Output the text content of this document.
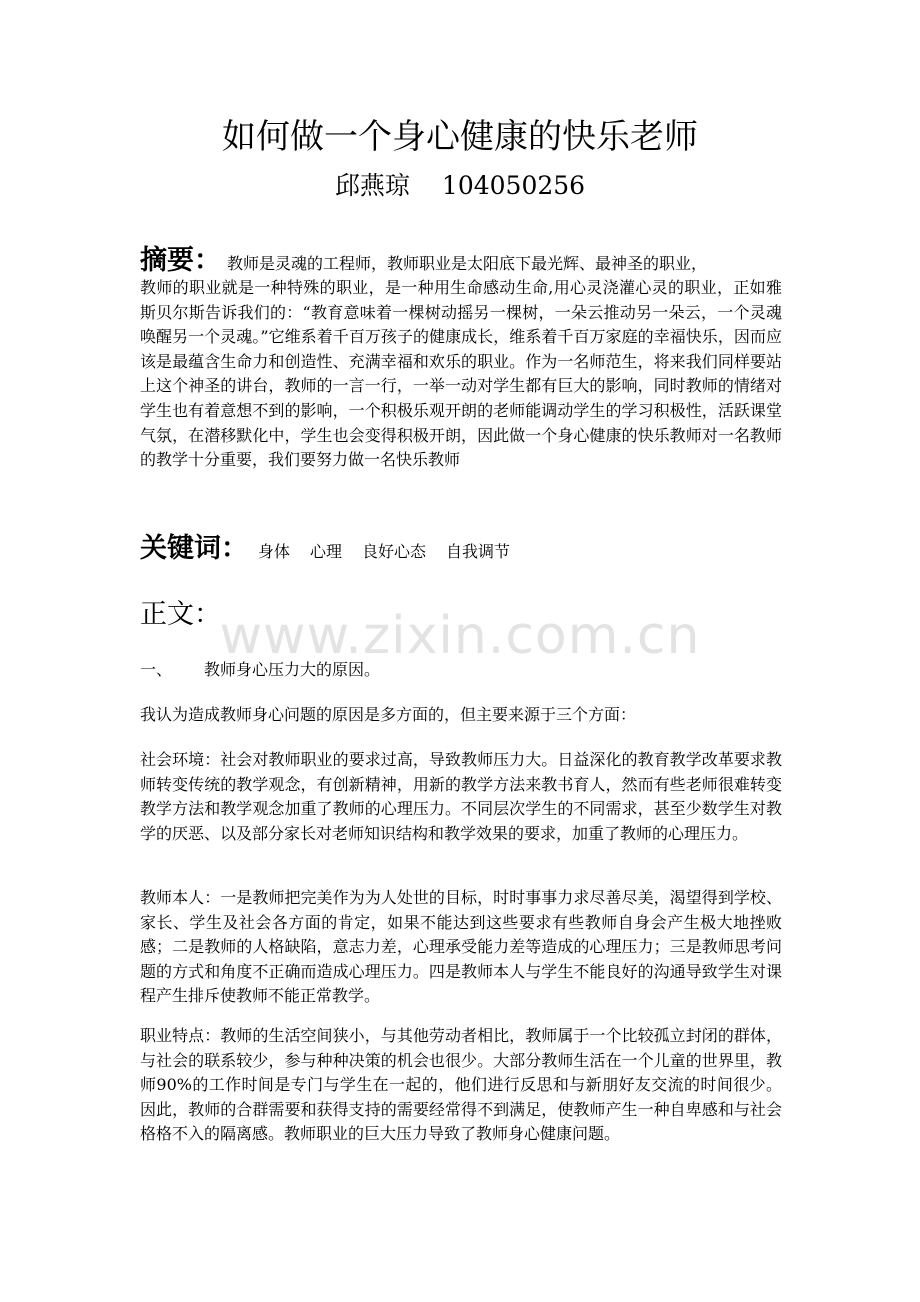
如何做一个身心健康的快乐老师
邱燕琼 104050256
摘要： 教师是灵魂的工程师，教师职业是太阳底下最光辉、最神圣的职业，
教师的职业就是一种特殊的职业，是一种用生命感动生命,用心灵浇灌心灵的职业，正如雅斯贝尔斯告诉我们的：“教育意味着一棵树动摇另一棵树，一朵云推动另一朵云，一个灵魂唤醒另一个灵魂。”它维系着千百万孩子的健康成长，维系着千百万家庭的幸福快乐，因而应该是最蕴含生命力和创造性、充满幸福和欢乐的职业。作为一名师范生，将来我们同样要站上这个神圣的讲台，教师的一言一行，一举一动对学生都有巨大的影响，同时教师的情绪对学生也有着意想不到的影响，一个积极乐观开朗的老师能调动学生的学习积极性，活跃课堂气氛，在潜移默化中，学生也会变得积极开朗，因此做一个身心健康的快乐教师对一名教师的教学十分重要，我们要努力做一名快乐教师
关键词： 身体 心理 良好心态 自我调节
正文：
www.zixin.com.cn
一、 教师身心压力大的原因。
我认为造成教师身心问题的原因是多方面的，但主要来源于三个方面：
社会环境：社会对教师职业的要求过高，导致教师压力大。日益深化的教育教学改革要求教师转变传统的教学观念，有创新精神，用新的教学方法来教书育人，然而有些老师很难转变教学方法和教学观念加重了教师的心理压力。不同层次学生的不同需求，甚至少数学生对教学的厌恶、以及部分家长对老师知识结构和教学效果的要求，加重了教师的心理压力。
教师本人：一是教师把完美作为为人处世的目标，时时事事力求尽善尽美，渴望得到学校、家长、学生及社会各方面的肯定，如果不能达到这些要求有些教师自身会产生极大地挫败感；二是教师的人格缺陷，意志力差，心理承受能力差等造成的心理压力；三是教师思考问题的方式和角度不正确而造成心理压力。四是教师本人与学生不能良好的沟通导致学生对课程产生排斥使教师不能正常教学。
职业特点：教师的生活空间狭小，与其他劳动者相比，教师属于一个比较孤立封闭的群体，与社会的联系较少，参与种种决策的机会也很少。大部分教师生活在一个儿童的世界里，教师90%的工作时间是专门与学生在一起的，他们进行反思和与新朋好友交流的时间很少。因此，教师的合群需要和获得支持的需要经常得不到满足，使教师产生一种自卑感和与社会格格不入的隔离感。教师职业的巨大压力导致了教师身心健康问题。
